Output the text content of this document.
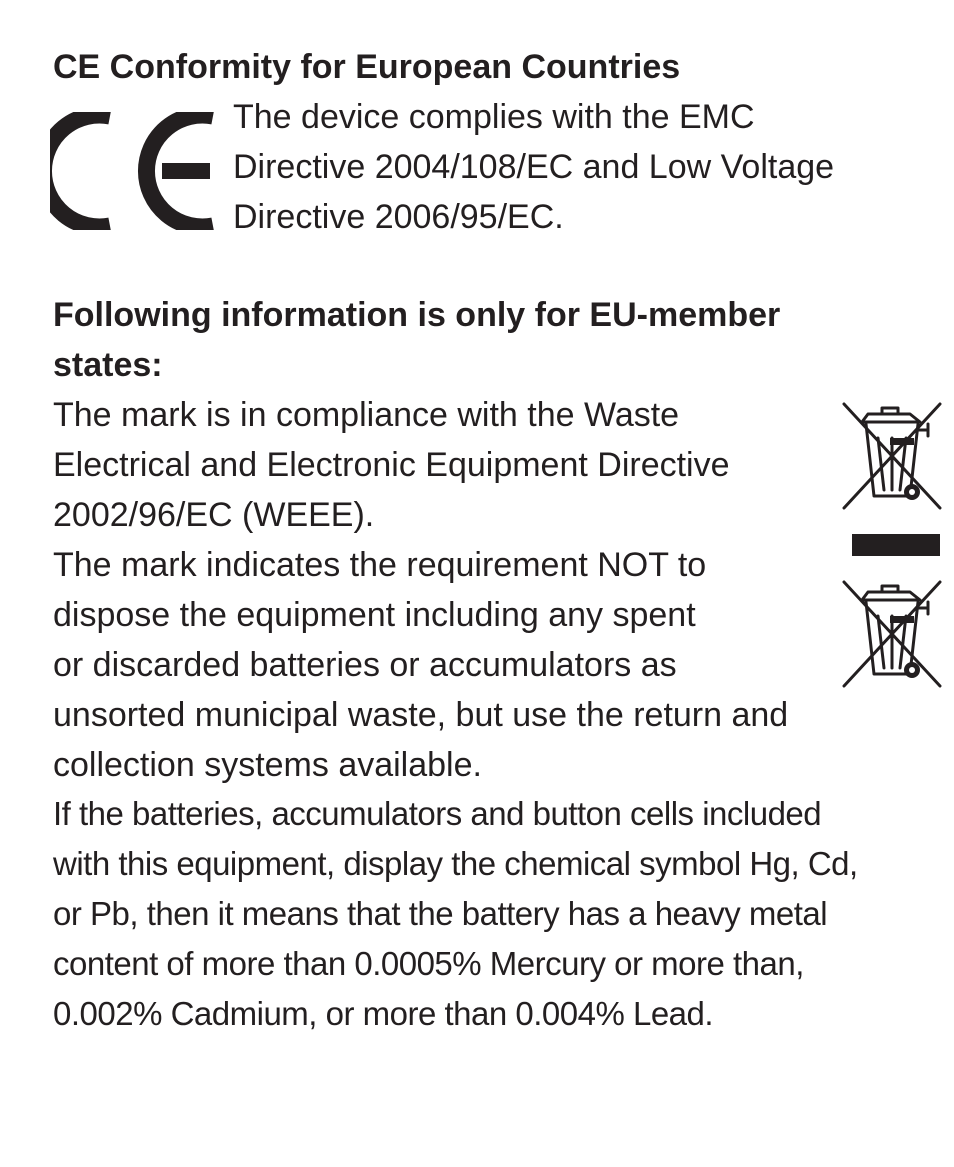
CE Conformity for European Countries
The device complies with the EMC
Directive 2004/108/EC and Low Voltage
Directive 2006/95/EC.
Following information is only for EU-member
states:
The mark is in compliance with the Waste
Electrical and Electronic Equipment Directive
2002/96/EC (WEEE).
The mark indicates the requirement NOT to
dispose the equipment including any spent
or discarded batteries or accumulators as
unsorted municipal waste, but use the return and
collection systems available.
If the batteries, accumulators and button cells included
with this equipment, display the chemical symbol Hg, Cd,
or Pb, then it means that the battery has a heavy metal
content of more than 0.0005% Mercury or more than,
0.002% Cadmium, or more than 0.004% Lead.
